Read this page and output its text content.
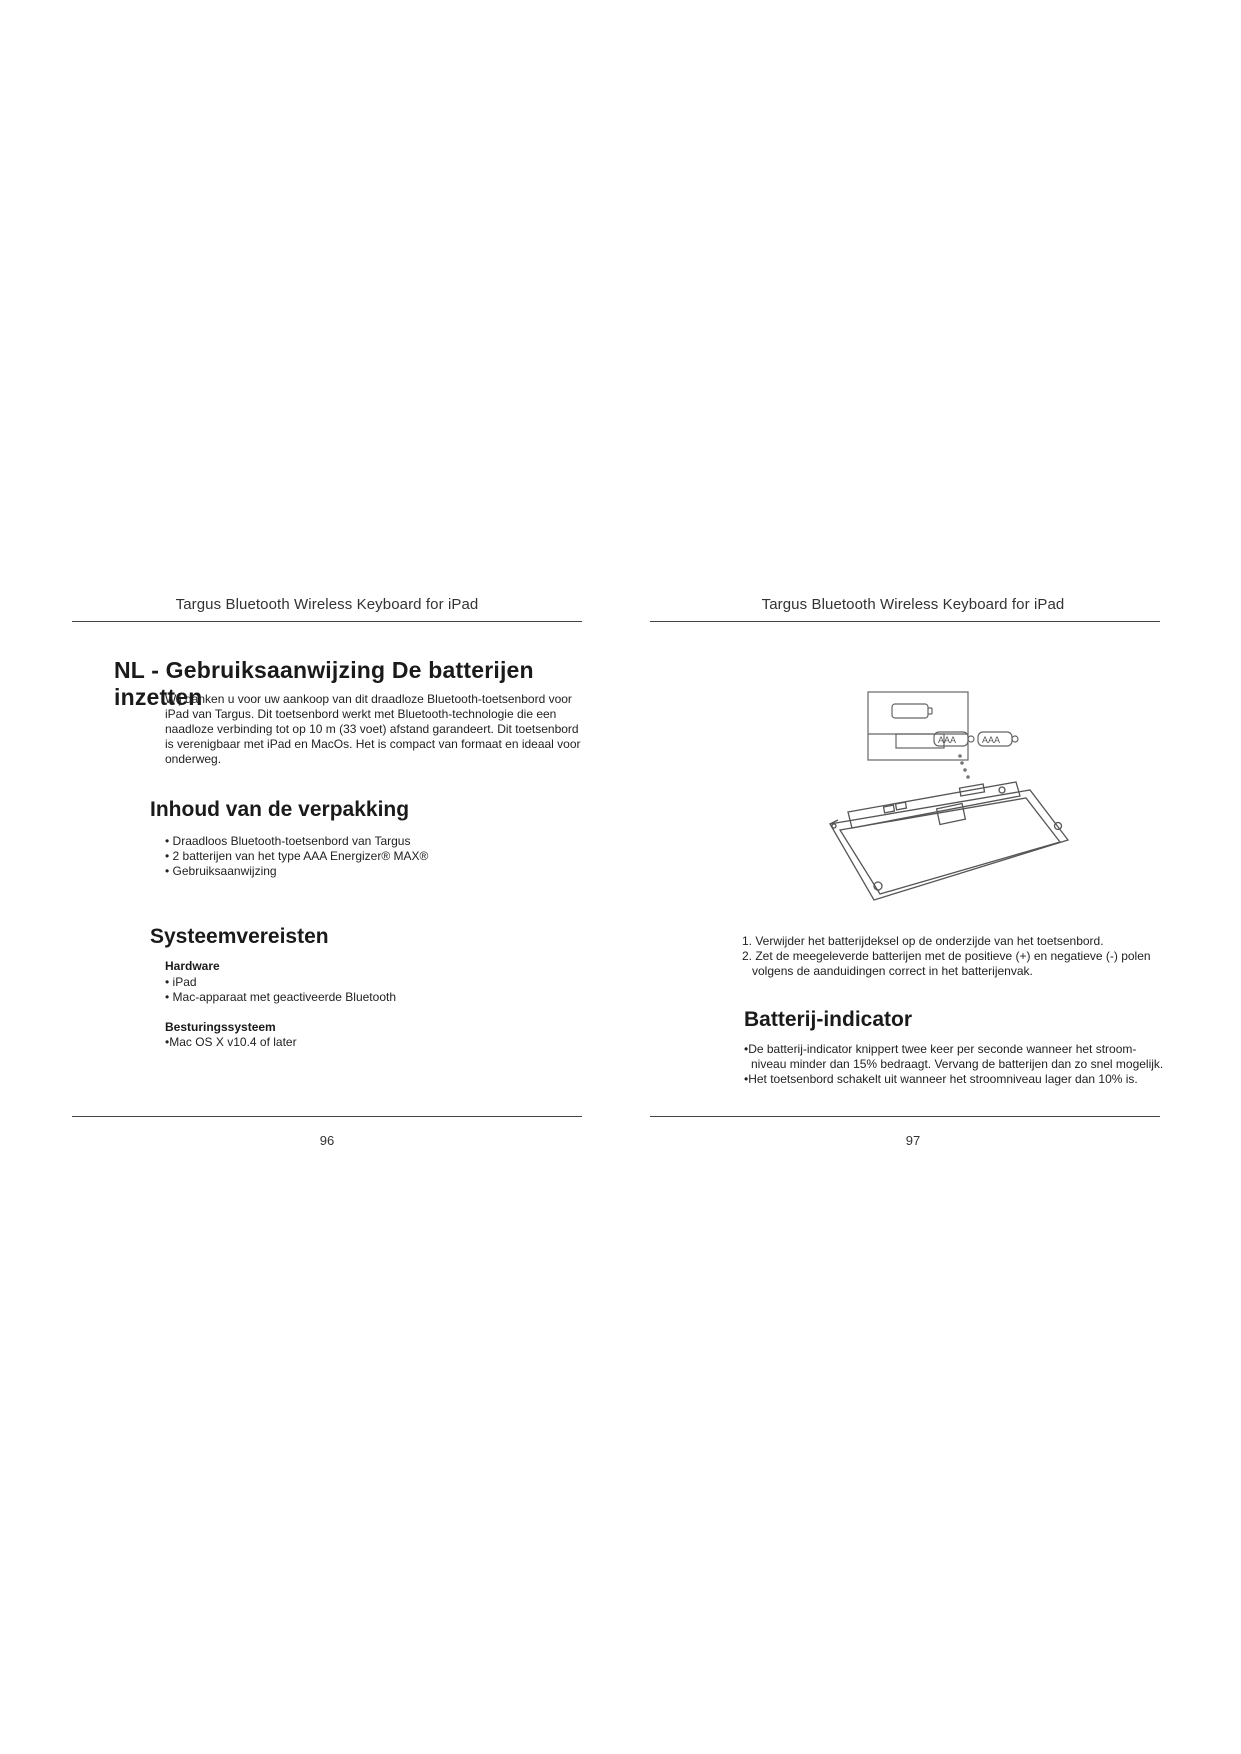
Targus Bluetooth Wireless Keyboard for iPad
NL - Gebruiksaanwijzing De batterijen inzetten

Wij danken u voor uw aankoop van dit draadloze Bluetooth-toetsenbord voor iPad van Targus. Dit toetsenbord werkt met Bluetooth-technologie die een naadloze verbinding tot op 10 m (33 voet) afstand garandeert. Dit toetsenbord is verenigbaar met iPad en MacOs. Het is compact van formaat en ideaal voor onderweg.

Inhoud van de verpakking
• Draadloos Bluetooth-toetsenbord van Targus
• 2 batterijen van het type AAA Energizer® MAX®
• Gebruiksaanwijzing
Systeemvereisten
Hardware
• iPad
• Mac-apparaat met geactiveerde Bluetooth
Besturingssysteem
•Mac OS X v10.4 of later
96
Targus Bluetooth Wireless Keyboard for iPad
AAA	AAA
1. Verwijder het batterijdeksel op de onderzijde van het toetsenbord.
2. Zet de meegeleverde batterijen met de positieve (+) en negatieve (-) polen volgens de aanduidingen correct in het batterijenvak.
Batterij-indicator
•De batterij-indicator knippert twee keer per seconde wanneer het stroom-niveau minder dan 15% bedraagt. Vervang de batterijen dan zo snel mogelijk.
•Het toetsenbord schakelt uit wanneer het stroomniveau lager dan 10% is.
97
